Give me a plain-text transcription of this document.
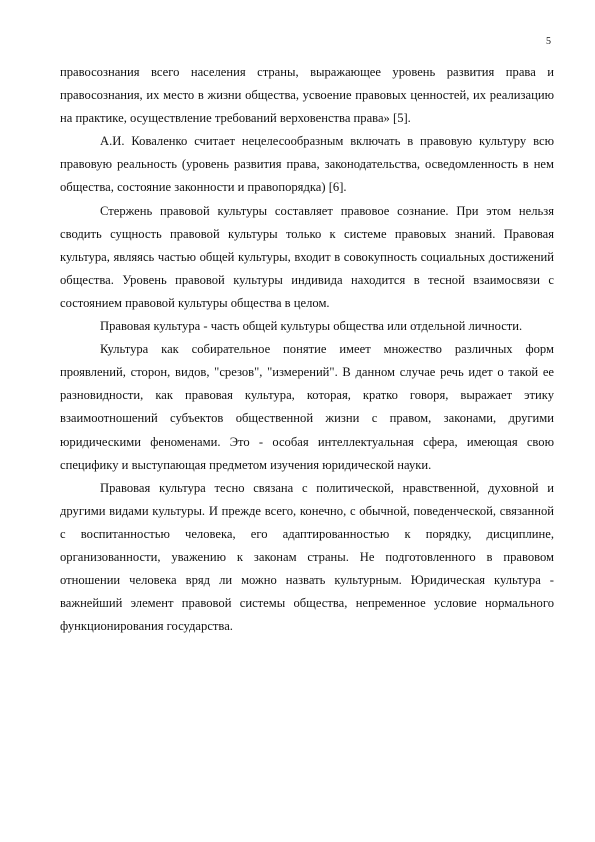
5

правосознания всего населения страны, выражающее уровень развития права и правосознания, их место в жизни общества, усвоение правовых ценностей, их реализацию на практике, осуществление требований верховенства права» [5].

А.И. Коваленко считает нецелесообразным включать в правовую культуру всю правовую реальность (уровень развития права, законодательства, осведомленность в нем общества, состояние законности и правопорядка) [6].

Стержень правовой культуры составляет правовое сознание. При этом нельзя сводить сущность правовой культуры только к системе правовых знаний. Правовая культура, являясь частью общей культуры, входит в совокупность социальных достижений общества. Уровень правовой культуры индивида находится в тесной взаимосвязи с состоянием правовой культуры общества в целом.

Правовая культура - часть общей культуры общества или отдельной личности.

Культура как собирательное понятие имеет множество различных форм проявлений, сторон, видов, "срезов", "измерений". В данном случае речь идет о такой ее разновидности, как правовая культура, которая, кратко говоря, выражает этику взаимоотношений субъектов общественной жизни с правом, законами, другими юридическими феноменами. Это - особая интеллектуальная сфера, имеющая свою специфику и выступающая предметом изучения юридической науки.

Правовая культура тесно связана с политической, нравственной, духовной и другими видами культуры. И прежде всего, конечно, с обычной, поведенческой, связанной с воспитанностью человека, его адаптированностью к порядку, дисциплине, организованности, уважению к законам страны. Не подготовленного в правовом отношении человека вряд ли можно назвать культурным. Юридическая культура - важнейший элемент правовой системы общества, непременное условие нормального функционирования государства.
